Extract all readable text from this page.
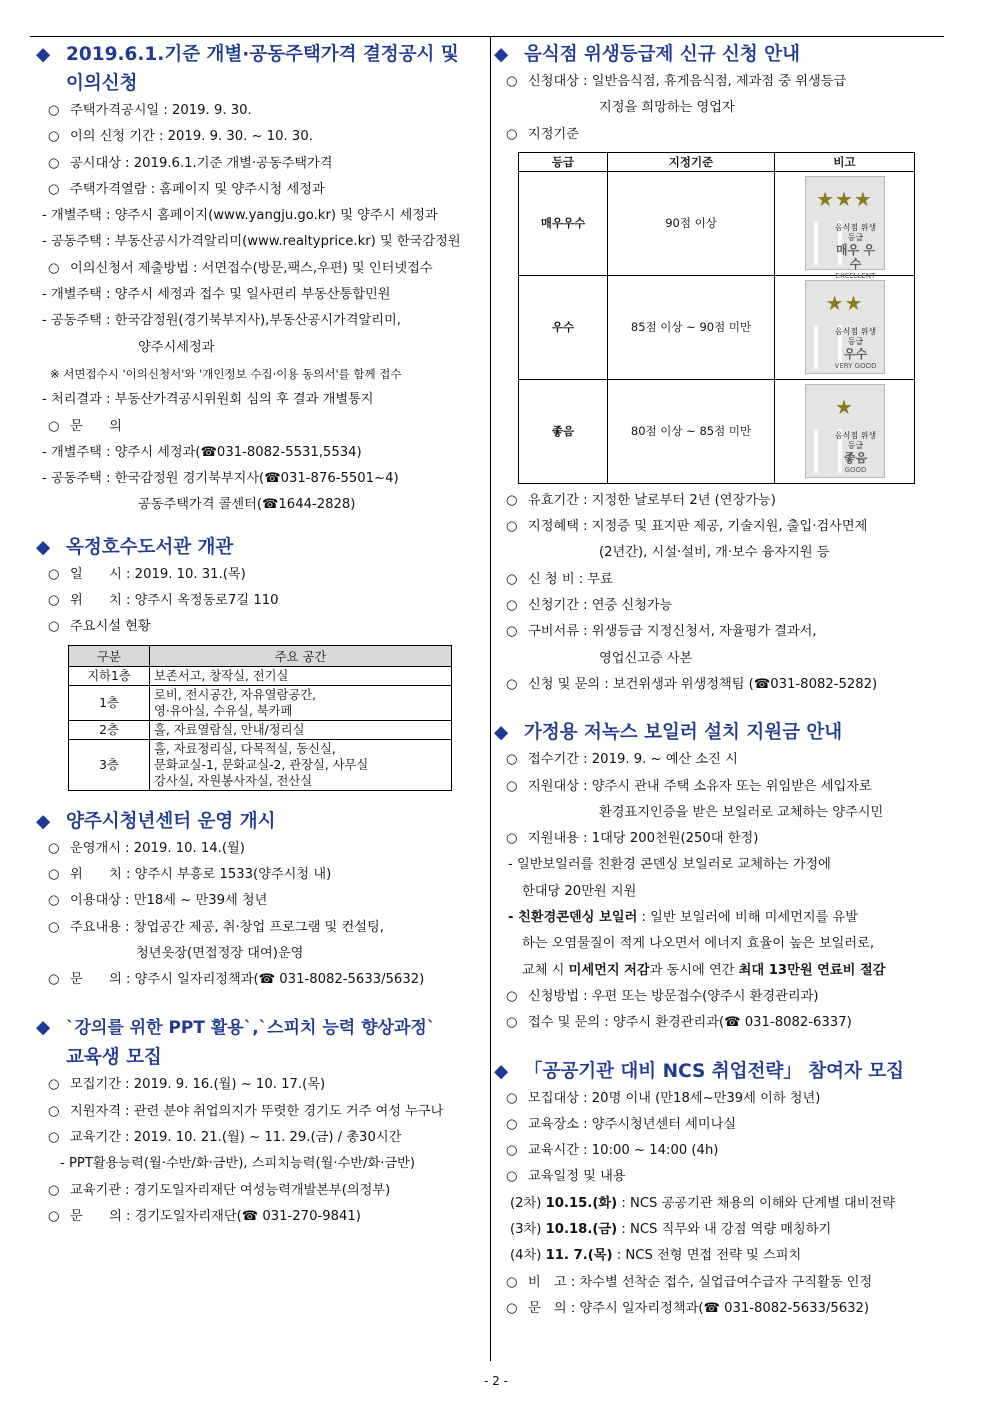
◆ 2019.6.1.기준 개별·공동주택가격 결정공시 및
이의신청
○ 주택가격공시일 : 2019. 9. 30.
○ 이의 신청 기간 : 2019. 9. 30. ~ 10. 30.
○ 공시대상 : 2019.6.1.기준 개별·공동주택가격
○ 주택가격열람 : 홈페이지 및 양주시청 세정과
- 개별주택 : 양주시 홈페이지(www.yangju.go.kr) 및 양주시 세정과
- 공동주택 : 부동산공시가격알리미(www.realtyprice.kr) 및 한국감정원
○ 이의신청서 제출방법 : 서면접수(방문,팩스,우편) 및 인터넷접수
- 개별주택 : 양주시 세정과 접수 및 일사편리 부동산통합민원
- 공동주택 : 한국감정원(경기북부지사),부동산공시가격알리미,
양주시세정과
※ 서면접수시 '이의신청서'와 '개인정보 수집·이용 동의서'를 함께 접수
- 처리결과 : 부동산가격공시위원회 심의 후 결과 개별통지
○ 문　　의
- 개별주택 : 양주시 세정과(☎031-8082-5531,5534)
- 공동주택 : 한국감정원 경기북부지사(☎031-876-5501~4)
공동주택가격 콜센터(☎1644-2828)
◆ 옥정호수도서관 개관
○ 일　　시 : 2019. 10. 31.(목)
○ 위　　치 : 양주시 옥정동로7길 110
○ 주요시설 현황
구분	주요 공간
지하1층	보존서고, 창작실, 전기실
1층	로비, 전시공간, 자유열람공간,
영·유아실, 수유실, 북카페
2층	홀, 자료열람실, 안내/정리실
3층	홀, 자료정리실, 다목적실, 동신실,
문화교실-1, 문화교실-2, 관장실, 사무실
강사실, 자원봉사자실, 전산실
◆ 양주시청년센터 운영 개시
○ 운영개시 : 2019. 10. 14.(월)
○ 위　　치 : 양주시 부흥로 1533(양주시청 내)
○ 이용대상 : 만18세 ~ 만39세 청년
○ 주요내용 : 창업공간 제공, 취·창업 프로그램 및 컨설팅,
청년옷장(면접정장 대여)운영
○ 문　　의 : 양주시 일자리정책과(☎ 031-8082-5633/5632)
◆ `강의를 위한 PPT 활용`,`스피치 능력 향상과정`
교육생 모집
○ 모집기간 : 2019. 9. 16.(월) ~ 10. 17.(목)
○ 지원자격 : 관련 분야 취업의지가 뚜렷한 경기도 거주 여성 누구나
○ 교육기간 : 2019. 10. 21.(월) ~ 11. 29.(금) / 총30시간
- PPT활용능력(월·수반/화·금반), 스피치능력(월·수반/화·금반)
○ 교육기관 : 경기도일자리재단 여성능력개발본부(의정부)
○ 문　　의 : 경기도일자리재단(☎ 031-270-9841)
◆ 음식점 위생등급제 신규 신청 안내
○ 신청대상 : 일반음식점, 휴게음식점, 제과점 중 위생등급
지정을 희망하는 영업자
○ 지정기준
등급	지정기준	비고
매우우수	90점 이상	★★★
음식점 위생등급
매우 우수
EXCELLENT

우수	85점 이상 ~ 90점 미만	★★
음식점 위생등급
우수
VERY GOOD

좋음	80점 이상 ~ 85점 미만	★
음식점 위생등급
좋음
GOOD
○ 유효기간 : 지정한 날로부터 2년 (연장가능)
○ 지정혜택 : 지정증 및 표지판 제공, 기술지원, 출입·검사면제
(2년간), 시설·설비, 개·보수 융자지원 등
○ 신 청 비 : 무료
○ 신청기간 : 연중 신청가능
○ 구비서류 : 위생등급 지정신청서, 자율평가 결과서,
영업신고증 사본
○ 신청 및 문의 : 보건위생과 위생정책팀 (☎031-8082-5282)
◆ 가정용 저녹스 보일러 설치 지원금 안내
○ 접수기간 : 2019. 9. ~ 예산 소진 시
○ 지원대상 : 양주시 관내 주택 소유자 또는 위임받은 세입자로
환경표지인증을 받은 보일러로 교체하는 양주시민
○ 지원내용 : 1대당 200천원(250대 한정)
- 일반보일러를 친환경 콘덴싱 보일러로 교체하는 가정에
한대당 20만원 지원
- 친환경콘덴싱 보일러 : 일반 보일러에 비해 미세먼지를 유발
하는 오염물질이 적게 나오면서 에너지 효율이 높은 보일러로,
교체 시 미세먼지 저감과 동시에 연간 최대 13만원 연료비 절감
○ 신청방법 : 우편 또는 방문접수(양주시 환경관리과)
○ 접수 및 문의 : 양주시 환경관리과(☎ 031-8082-6337)
◆ 「공공기관 대비 NCS 취업전략」 참여자 모집
○ 모집대상 : 20명 이내 (만18세~만39세 이하 청년)
○ 교육장소 : 양주시청년센터 세미나실
○ 교육시간 : 10:00 ~ 14:00 (4h)
○ 교육일정 및 내용
(2차) 10.15.(화) : NCS 공공기관 채용의 이해와 단계별 대비전략
(3차) 10.18.(금) : NCS 직무와 내 강점 역량 매칭하기
(4차) 11. 7.(목) : NCS 전형 면접 전략 및 스피치
○ 비　고 : 차수별 선착순 접수, 실업급여수급자 구직활동 인정
○ 문　의 : 양주시 일자리정책과(☎ 031-8082-5633/5632)
- 2 -
